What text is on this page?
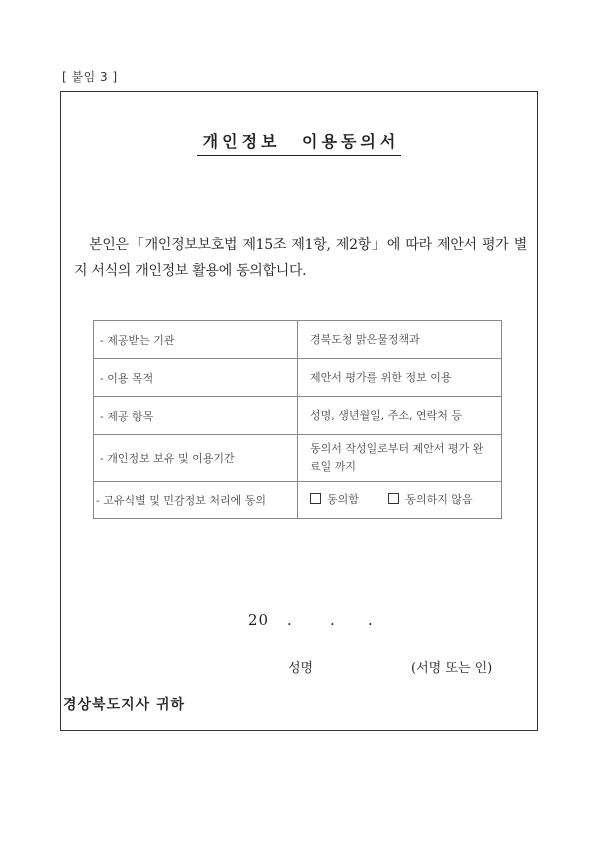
[ 붙임 3 ]
개인정보 이용동의서
본인은「개인정보보호법 제15조 제1항, 제2항」에 따라 제안서 평가 별지 서식의 개인정보 활용에 동의합니다.
- 제공받는 기관	경북도청 맑은물정책과
- 이용 목적	제안서 평가를 위한 정보 이용
- 제공 항목	성명, 생년월일, 주소, 연락처 등
- 개인정보 보유 및 이용기간	동의서 작성일로부터 제안서 평가 완료일 까지
- 고유식별 및 민감정보 처리에 동의	동의함 동의하지 않음
20 . . .
성명	(서명 또는 인)
경상북도지사 귀하
